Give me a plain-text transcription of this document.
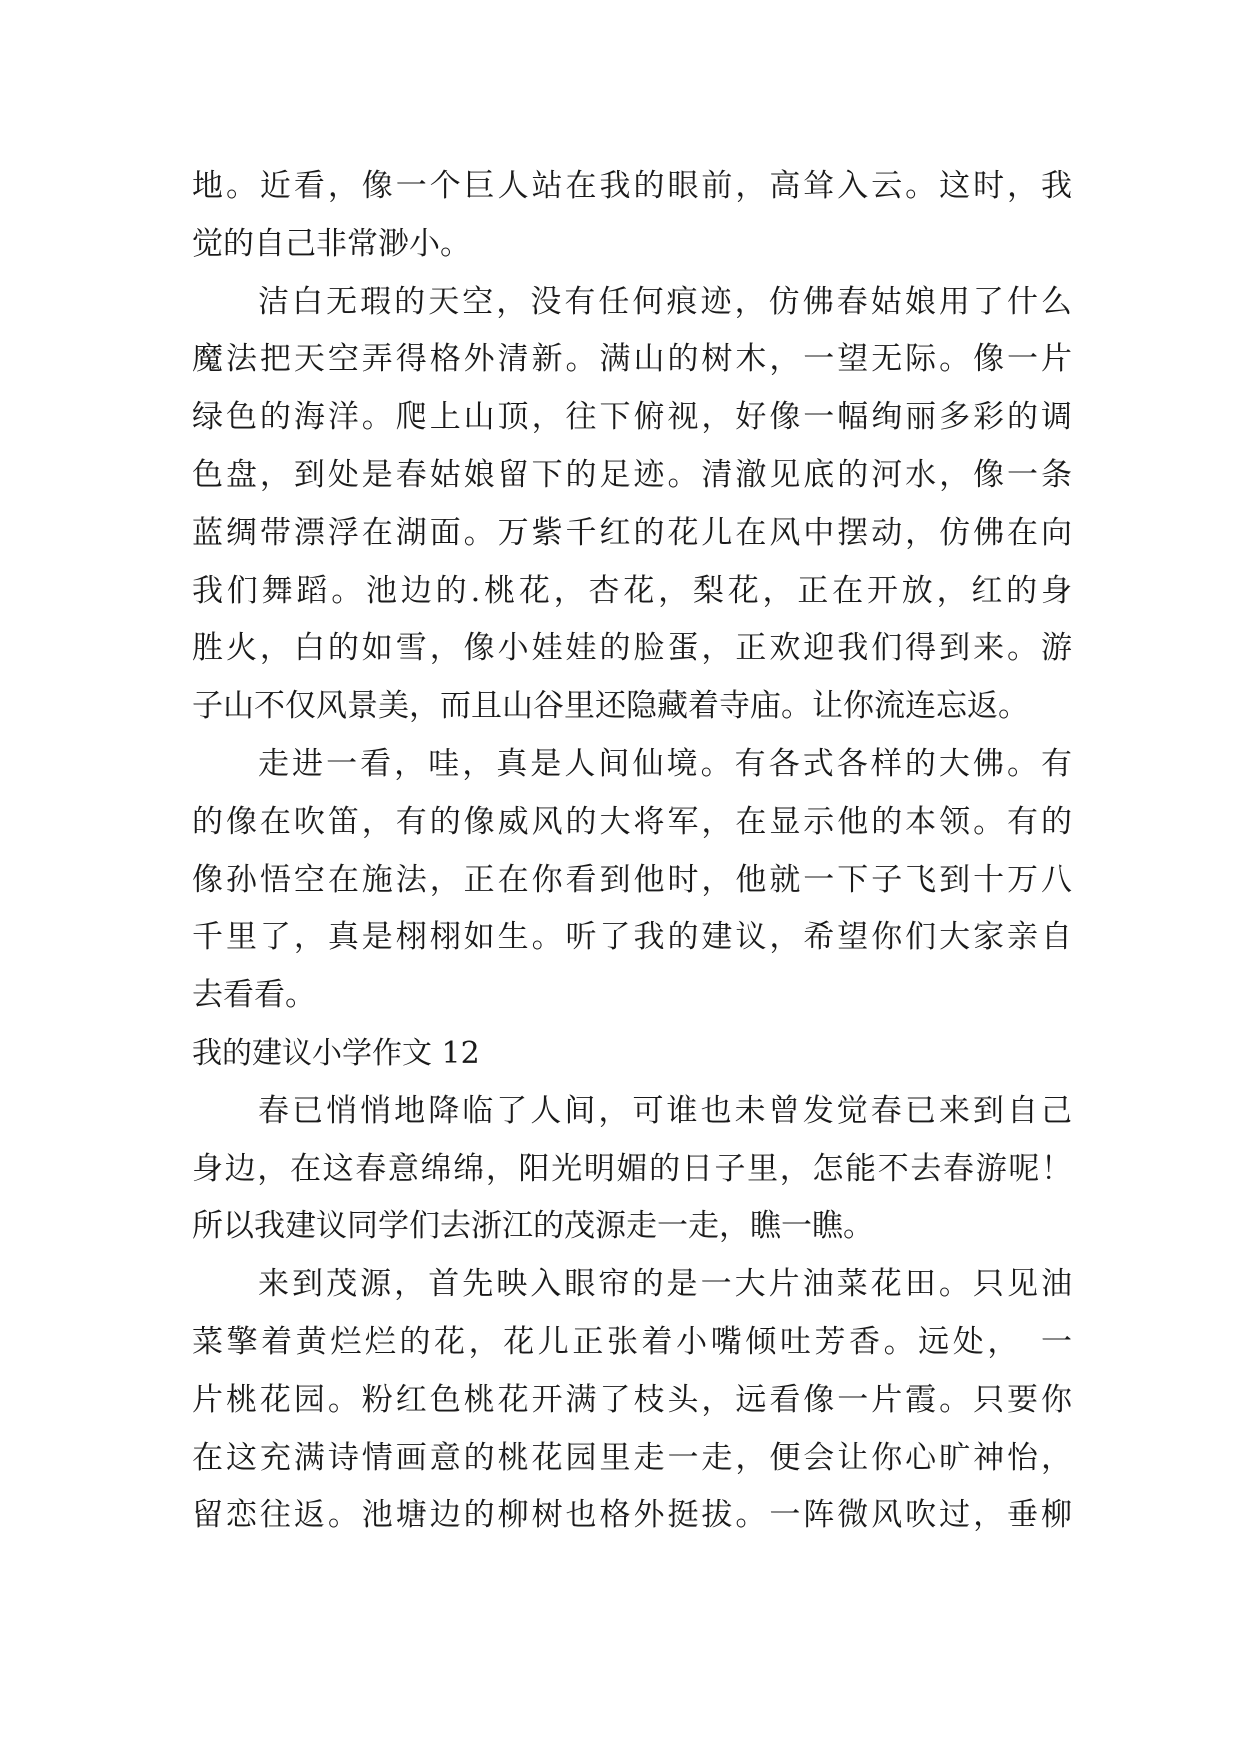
地。近看，像一个巨人站在我的眼前，高耸入云。这时，我
觉的自己非常渺小。
洁白无瑕的天空，没有任何痕迹，仿佛春姑娘用了什么
魔法把天空弄得格外清新。满山的树木，一望无际。像一片
绿色的海洋。爬上山顶，往下俯视，好像一幅绚丽多彩的调
色盘，到处是春姑娘留下的足迹。清澈见底的河水，像一条
蓝绸带漂浮在湖面。万紫千红的花儿在风中摆动，仿佛在向
我们舞蹈。池边的.桃花，杏花，梨花，正在开放，红的身
胜火，白的如雪，像小娃娃的脸蛋，正欢迎我们得到来。游
子山不仅风景美，而且山谷里还隐藏着寺庙。让你流连忘返。
走进一看，哇，真是人间仙境。有各式各样的大佛。有
的像在吹笛，有的像威风的大将军，在显示他的本领。有的
像孙悟空在施法，正在你看到他时，他就一下子飞到十万八
千里了，真是栩栩如生。听了我的建议，希望你们大家亲自
去看看。
我的建议小学作文 12
春已悄悄地降临了人间，可谁也未曾发觉春已来到自己
身边，在这春意绵绵，阳光明媚的日子里，怎能不去春游呢！
所以我建议同学们去浙江的茂源走一走，瞧一瞧。
来到茂源，首先映入眼帘的是一大片油菜花田。只见油
菜擎着黄烂烂的花，花儿正张着小嘴倾吐芳香。远处，　一
片桃花园。粉红色桃花开满了枝头，远看像一片霞。只要你
在这充满诗情画意的桃花园里走一走，便会让你心旷神怡，
留恋往返。池塘边的柳树也格外挺拔。一阵微风吹过，垂柳
